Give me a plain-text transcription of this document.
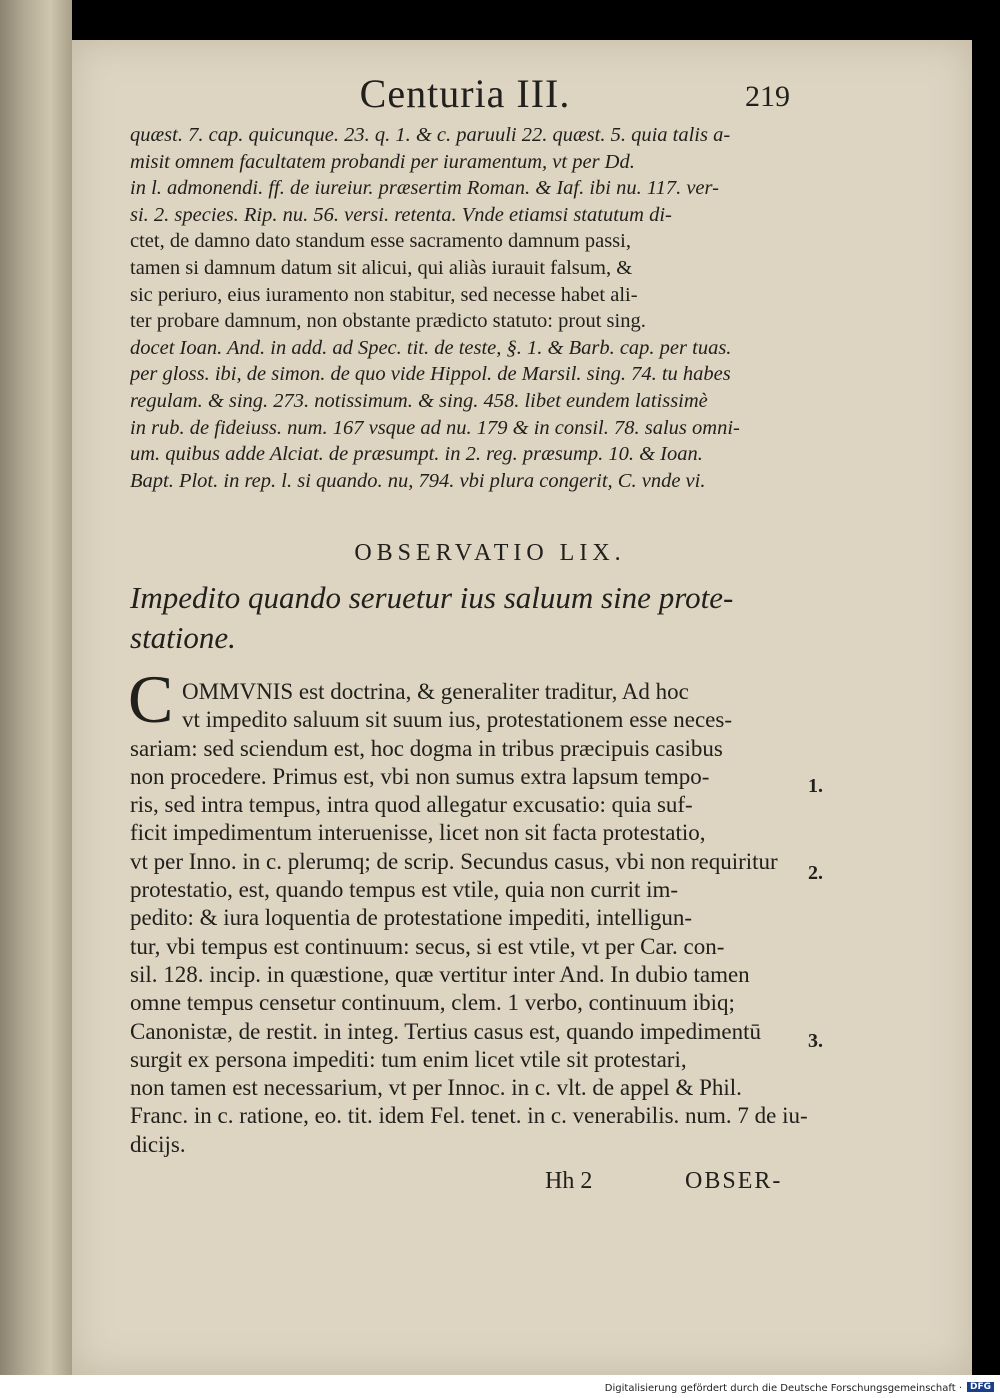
Centuria III.	219
quæst. 7. cap. quicunque. 23. q. 1. & c. paruuli 22. quæst. 5. quia talis a-
misit omnem facultatem probandi per iuramentum, vt per Dd.
in l. admonendi. ff. de iureiur. præsertim Roman. & Iaf. ibi nu. 117. ver-
si. 2. species. Rip. nu. 56. versi. retenta. Vnde etiamsi statutum di-
ctet, de damno dato standum esse sacramento damnum passi,
tamen si damnum datum sit alicui, qui aliàs iurauit falsum, &
sic periuro, eius iuramento non stabitur, sed necesse habet ali-
ter probare damnum, non obstante prædicto statuto: prout sing.
docet Ioan. And. in add. ad Spec. tit. de teste, §. 1. & Barb. cap. per tuas.
per gloss. ibi, de simon. de quo vide Hippol. de Marsil. sing. 74. tu habes
regulam. & sing. 273. notissimum. & sing. 458. libet eundem latissimè
in rub. de fideiuss. num. 167 vsque ad nu. 179 & in consil. 78. salus omni-
um. quibus adde Alciat. de præsumpt. in 2. reg. præsump. 10. & Ioan.
Bapt. Plot. in rep. l. si quando. nu, 794. vbi plura congerit, C. vnde vi.
OBSERVATIO LIX.
Impedito quando seruetur ius saluum sine prote-
statione.
C OMMVNIS est doctrina, & generaliter traditur, Ad hoc
vt impedito saluum sit suum ius, protestationem esse neces-
sariam: sed sciendum est, hoc dogma in tribus præcipuis casibus
non procedere. Primus est, vbi non sumus extra lapsum tempo-
ris, sed intra tempus, intra quod allegatur excusatio: quia suf-
ficit impedimentum interuenisse, licet non sit facta protestatio,
vt per Inno. in c. plerumq; de scrip. Secundus casus, vbi non requiritur
protestatio, est, quando tempus est vtile, quia non currit im-
pedito: & iura loquentia de protestatione impediti, intelligun-
tur, vbi tempus est continuum: secus, si est vtile, vt per Car. con-
sil. 128. incip. in quæstione, quæ vertitur inter And. In dubio tamen
omne tempus censetur continuum, clem. 1 verbo, continuum ibiq;
Canonistæ, de restit. in integ. Tertius casus est, quando impedimentū
surgit ex persona impediti: tum enim licet vtile sit protestari,
non tamen est necessarium, vt per Innoc. in c. vlt. de appel & Phil.
Franc. in c. ratione, eo. tit. idem Fel. tenet. in c. venerabilis. num. 7 de iu-
dicijs.
1.
2.
3.
Hh 2	OBSER-
Digitalisierung gefördert durch die Deutsche Forschungsgemeinschaft · DFG
